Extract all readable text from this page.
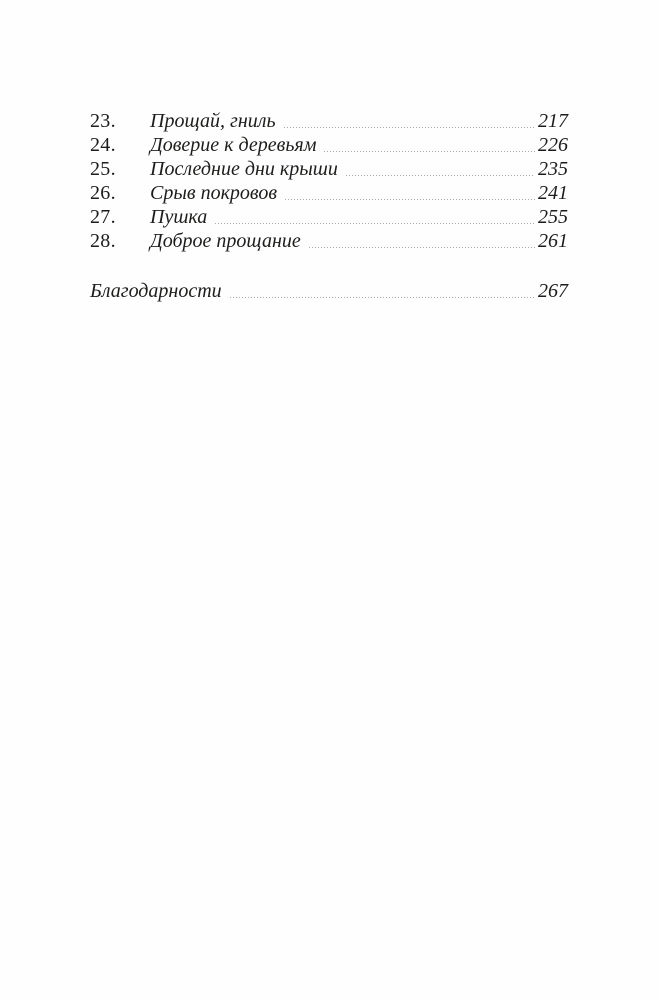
23.	Прощай, гниль	217
24.	Доверие к деревьям	226
25.	Последние дни крыши	235
26.	Срыв покровов	241
27.	Пушка	255
28.	Доброе прощание	261
Благодарности	267
